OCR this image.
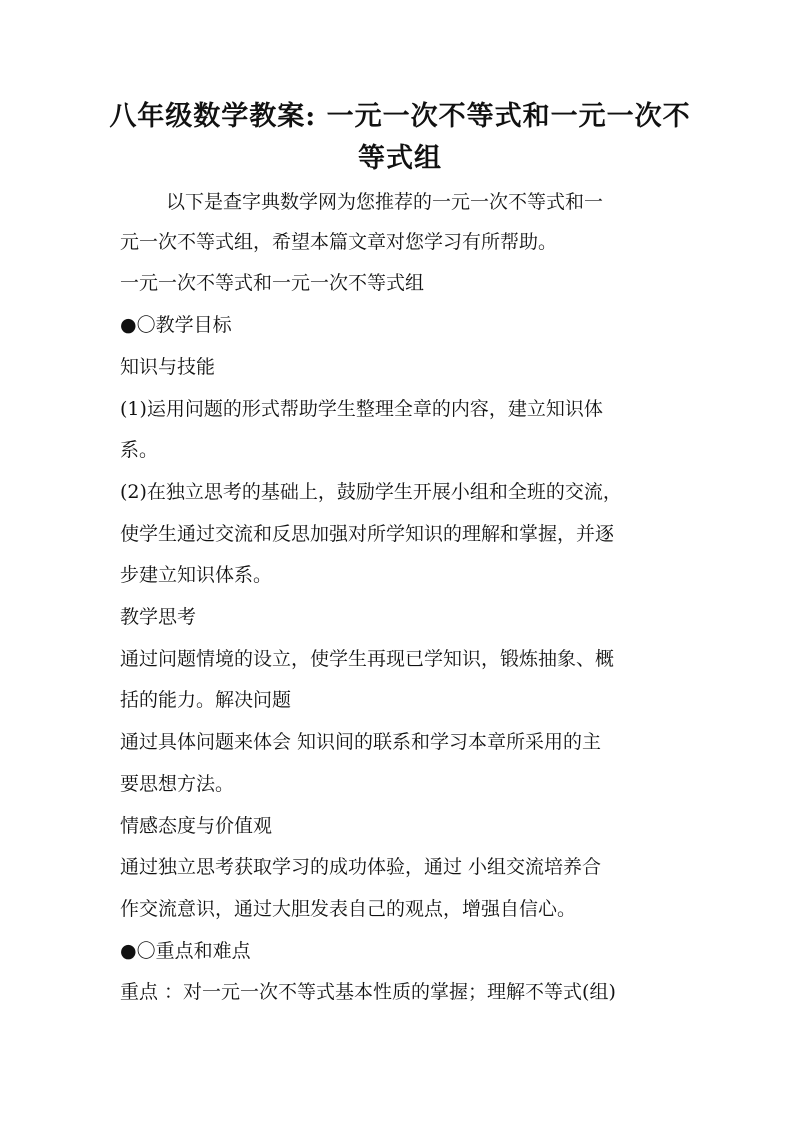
八年级数学教案: 一元一次不等式和一元一次不
等式组
以下是查字典数学网为您推荐的一元一次不等式和一
元一次不等式组，希望本篇文章对您学习有所帮助。
一元一次不等式和一元一次不等式组
●〇教学目标
知识与技能
(1)运用问题的形式帮助学生整理全章的内容，建立知识体
系。
(2)在独立思考的基础上，鼓励学生开展小组和全班的交流，
使学生通过交流和反思加强对所学知识的理解和掌握，并逐
步建立知识体系。
教学思考
通过问题情境的设立，使学生再现已学知识，锻炼抽象、概
括的能力。解决问题
通过具体问题来体会 知识间的联系和学习本章所采用的主
要思想方法。
情感态度与价值观
通过独立思考获取学习的成功体验，通过 小组交流培养合
作交流意识，通过大胆发表自己的观点，增强自信心。
●〇重点和难点
重点 ：对一元一次不等式基本性质的掌握；理解不等式(组)
